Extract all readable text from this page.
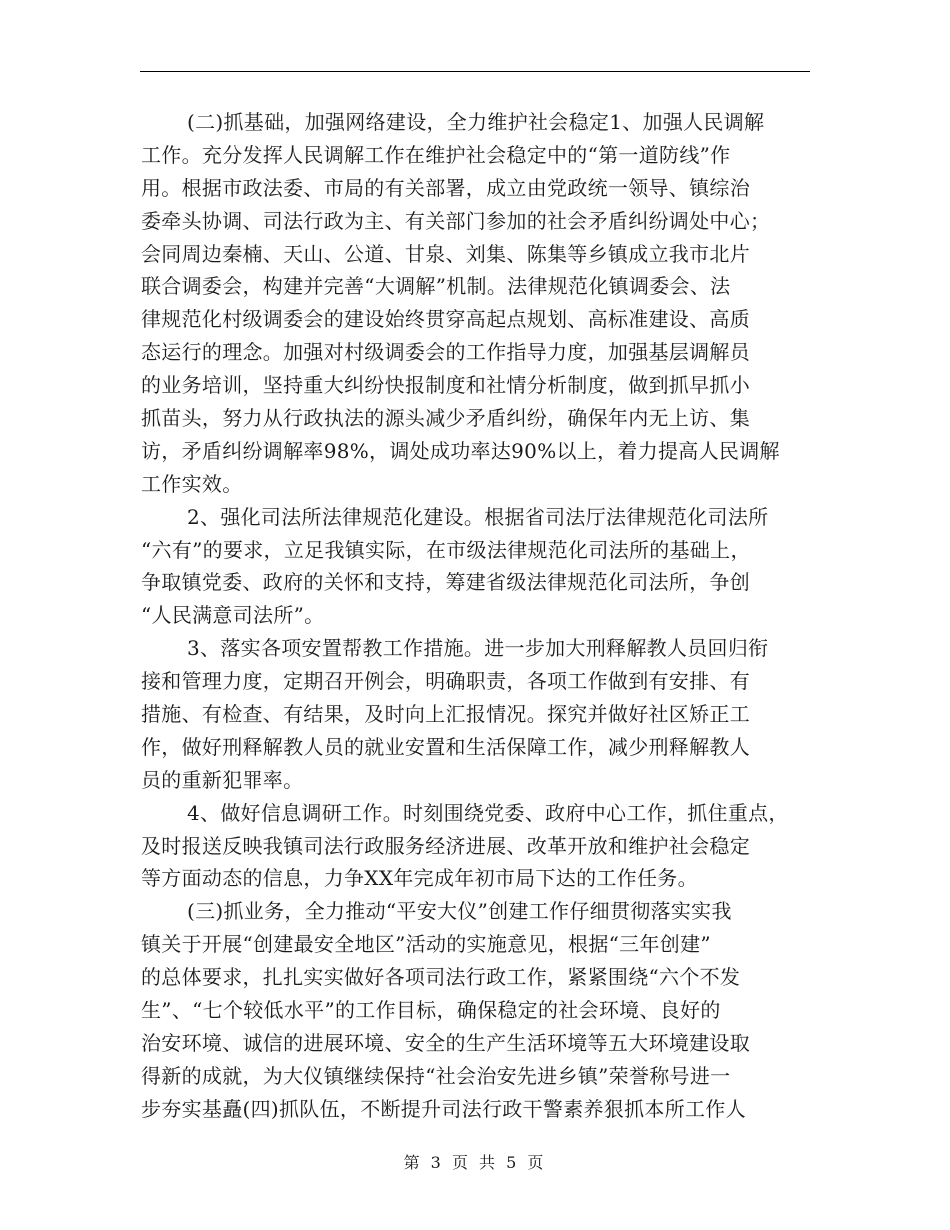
(二)抓基础，加强网络建设，全力维护社会稳定1、加强人民调解
工作。充分发挥人民调解工作在维护社会稳定中的“第一道防线”作
用。根据市政法委、市局的有关部署，成立由党政统一领导、镇综治
委牵头协调、司法行政为主、有关部门参加的社会矛盾纠纷调处中心；
会同周边秦楠、天山、公道、甘泉、刘集、陈集等乡镇成立我市北片
联合调委会，构建并完善“大调解”机制。法律规范化镇调委会、法
律规范化村级调委会的建设始终贯穿高起点规划、高标准建设、高质
态运行的理念。加强对村级调委会的工作指导力度，加强基层调解员
的业务培训，坚持重大纠纷快报制度和社情分析制度，做到抓早抓小
抓苗头，努力从行政执法的源头减少矛盾纠纷，确保年内无上访、集
访，矛盾纠纷调解率98%，调处成功率达90%以上，着力提高人民调解
工作实效。
2、强化司法所法律规范化建设。根据省司法厅法律规范化司法所
“六有”的要求，立足我镇实际，在市级法律规范化司法所的基础上，
争取镇党委、政府的关怀和支持，筹建省级法律规范化司法所，争创
“人民满意司法所”。
3、落实各项安置帮教工作措施。进一步加大刑释解教人员回归衔
接和管理力度，定期召开例会，明确职责，各项工作做到有安排、有
措施、有检查、有结果，及时向上汇报情况。探究并做好社区矫正工
作，做好刑释解教人员的就业安置和生活保障工作，减少刑释解教人
员的重新犯罪率。
4、做好信息调研工作。时刻围绕党委、政府中心工作，抓住重点，
及时报送反映我镇司法行政服务经济进展、改革开放和维护社会稳定
等方面动态的信息，力争XX年完成年初市局下达的工作任务。
(三)抓业务，全力推动“平安大仪”创建工作仔细贯彻落实实我
镇关于开展“创建最安全地区”活动的实施意见，根据“三年创建”
的总体要求，扎扎实实做好各项司法行政工作，紧紧围绕“六个不发
生”、“七个较低水平”的工作目标，确保稳定的社会环境、良好的
治安环境、诚信的进展环境、安全的生产生活环境等五大环境建设取
得新的成就，为大仪镇继续保持“社会治安先进乡镇”荣誉称号进一
步夯实基矗(四)抓队伍，不断提升司法行政干警素养狠抓本所工作人
第 3 页 共 5 页
